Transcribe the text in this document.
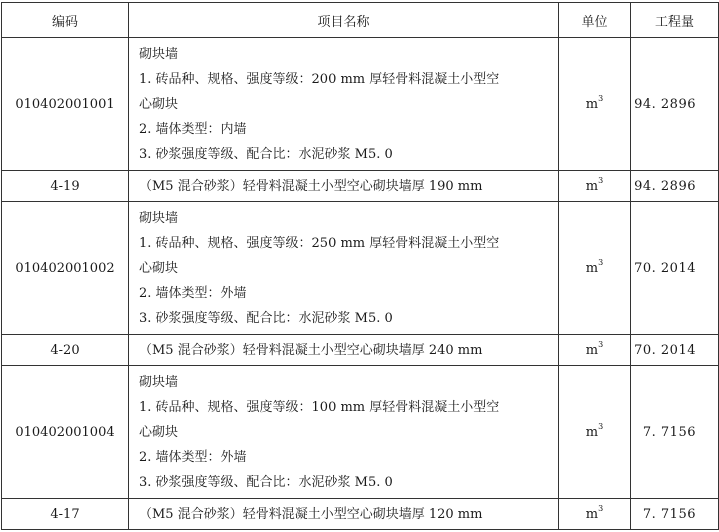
编码	项目名称	单位	工程量
010402001001	砌块墙
1. 砖品种、规格、强度等级：200 mm 厚轻骨料混凝土小型空
心砌块
2. 墙体类型：内墙
3. 砂浆强度等级、配合比：水泥砂浆 M5. 0	$m^3$	94. 2896
4-19	（M5 混合砂浆）轻骨料混凝土小型空心砌块墙厚 190 mm	$m^3$	94. 2896
010402001002	砌块墙
1. 砖品种、规格、强度等级：250 mm 厚轻骨料混凝土小型空
心砌块
2. 墙体类型：外墙
3. 砂浆强度等级、配合比：水泥砂浆 M5. 0	$m^3$	70. 2014
4-20	（M5 混合砂浆）轻骨料混凝土小型空心砌块墙厚 240 mm	$m^3$	70. 2014
010402001004	砌块墙
1. 砖品种、规格、强度等级：100 mm 厚轻骨料混凝土小型空
心砌块
2. 墙体类型：外墙
3. 砂浆强度等级、配合比：水泥砂浆 M5. 0	$m^3$	7. 7156
4-17	（M5 混合砂浆）轻骨料混凝土小型空心砌块墙厚 120 mm	$m^3$	7. 7156
